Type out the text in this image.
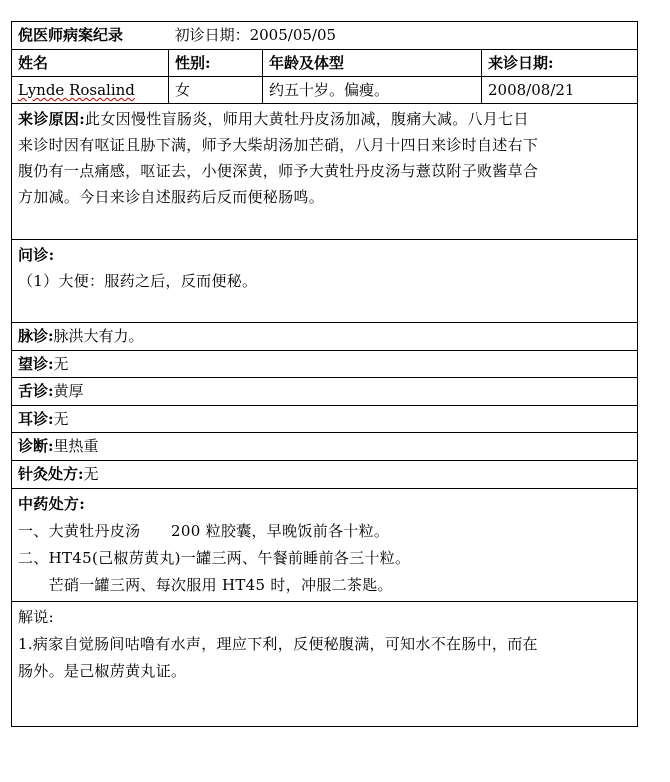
倪医师病案纪录	初诊日期：2005/05/05
姓名	性别:	年龄及体型	来诊日期:
Lynde Rosalind	女	约五十岁。偏瘦。	2008/08/21
来诊原因:此女因慢性盲肠炎，师用大黄牡丹皮汤加减，腹痛大减。八月七日
来诊时因有呕证且胁下满，师予大柴胡汤加芒硝，八月十四日来诊时自述右下
腹仍有一点痛感，呕证去，小便深黄，师予大黄牡丹皮汤与薏苡附子败酱草合
方加减。今日来诊自述服药后反而便秘肠鸣。
问诊:
（1）大便：服药之后，反而便秘。
脉诊:脉洪大有力。
望诊:无
舌诊:黄厚
耳诊:无
诊断:里热重
针灸处方:无
中药处方:
一、大黄牡丹皮汤　　200 粒胶囊，早晚饭前各十粒。
二、HT45(己椒苈黄丸)一罐三两、午餐前睡前各三十粒。
　　芒硝一罐三两、每次服用 HT45 时，冲服二茶匙。
解说:
1.病家自觉肠间咕噜有水声，理应下利，反便秘腹满，可知水不在肠中，而在
肠外。是己椒苈黄丸证。
